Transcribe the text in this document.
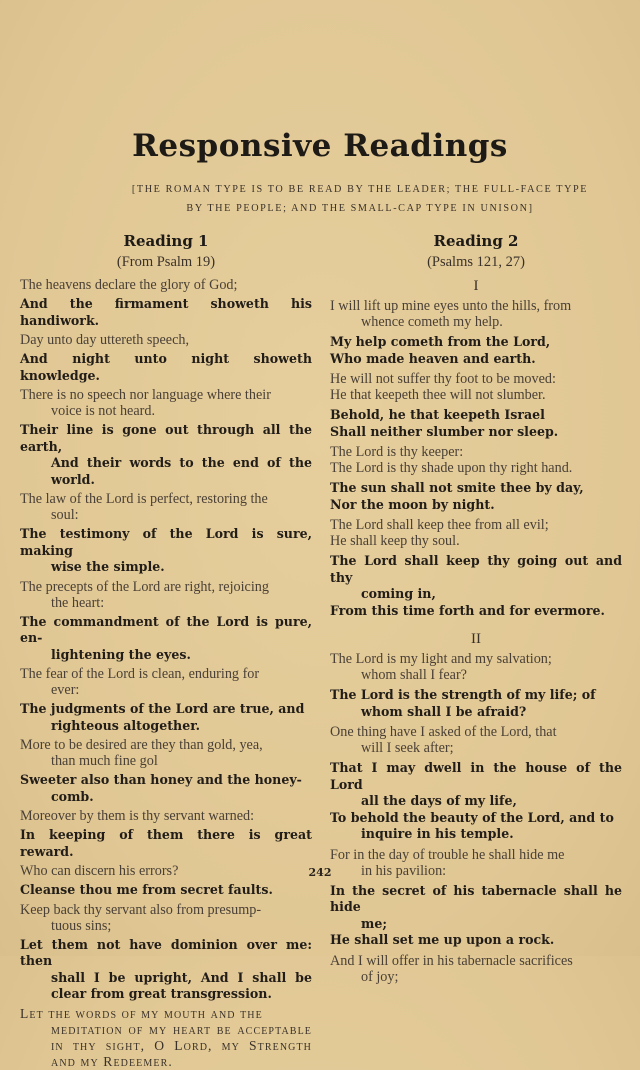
Responsive Readings
[THE ROMAN TYPE IS TO BE READ BY THE LEADER; THE FULL-FACE TYPE BY THE PEOPLE; AND THE SMALL-CAP TYPE IN UNISON]
Reading 1
(From Psalm 19)
The heavens declare the glory of God;
And the firmament showeth his handiwork.
Day unto day uttereth speech,
And night unto night showeth knowledge.
There is no speech nor language where their
voice is not heard.
Their line is gone out through all the earth,
And their words to the end of the world.
The law of the Lord is perfect, restoring the
soul:
The testimony of the Lord is sure, making
wise the simple.
The precepts of the Lord are right, rejoicing
the heart:
The commandment of the Lord is pure, en-
lightening the eyes.
The fear of the Lord is clean, enduring for
ever:
The judgments of the Lord are true, and
righteous altogether.
More to be desired are they than gold, yea,
than much fine gol
Sweeter also than honey and the honey-
comb.
Moreover by them is thy servant warned:
In keeping of them there is great reward.
Who can discern his errors?
Cleanse thou me from secret faults.
Keep back thy servant also from presump-
tuous sins;
Let them not have dominion over me: then
shall I be upright, And I shall be clear from great transgression.
Let the words of my mouth and the
meditation of my heart be acceptable in thy sight, O Lord, my Strength and my Redeemer.
Reading 2
(Psalms 121, 27)
I
I will lift up mine eyes unto the hills, from
whence cometh my help.
My help cometh from the Lord,
Who made heaven and earth.
He will not suffer thy foot to be moved:
He that keepeth thee will not slumber.
Behold, he that keepeth Israel
Shall neither slumber nor sleep.
The Lord is thy keeper:
The Lord is thy shade upon thy right hand.
The sun shall not smite thee by day,
Nor the moon by night.
The Lord shall keep thee from all evil;
He shall keep thy soul.
The Lord shall keep thy going out and thy
coming in,
From this time forth and for evermore.
II
The Lord is my light and my salvation;
whom shall I fear?
The Lord is the strength of my life; of
whom shall I be afraid?
One thing have I asked of the Lord, that
will I seek after;
That I may dwell in the house of the Lord
all the days of my life,
To behold the beauty of the Lord, and to
inquire in his temple.
For in the day of trouble he shall hide me
in his pavilion:
In the secret of his tabernacle shall he hide
me;
He shall set me up upon a rock.
And I will offer in his tabernacle sacrifices
of joy;
242
